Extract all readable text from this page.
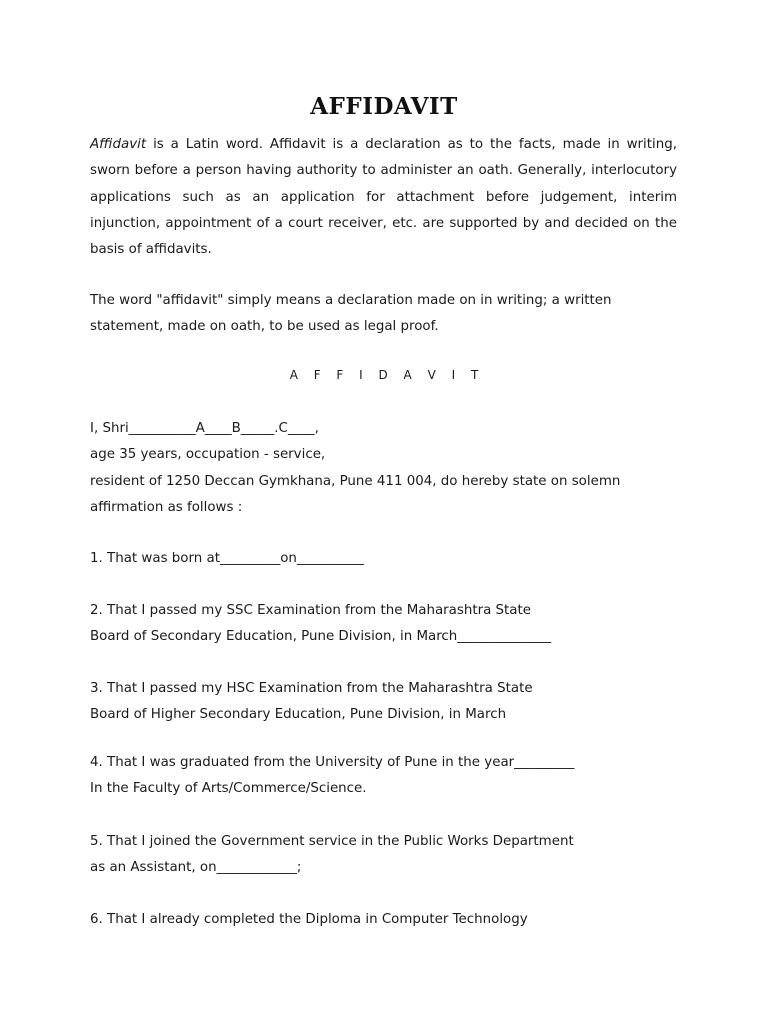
AFFIDAVIT

Affidavit is a Latin word. Affidavit is a declaration as to the facts, made in writing, sworn before a person having authority to administer an oath. Generally, interlocutory applications such as an application for attachment before judgement, interim injunction, appointment of a court receiver, etc. are supported by and decided on the basis of affidavits.

The word "affidavit" simply means a declaration made on in writing; a written
statement, made on oath, to be used as legal proof.

A F F I D A V I T

I, Shri__________A____B_____.C____,
age 35 years, occupation - service,
resident of 1250 Deccan Gymkhana, Pune 411 004, do hereby state on solemn
affirmation as follows :

1. That was born at_________on__________

2. That I passed my SSC Examination from the Maharashtra State
Board of Secondary Education, Pune Division, in March______________

3. That I passed my HSC Examination from the Maharashtra State
Board of Higher Secondary Education, Pune Division, in March

4. That I was graduated from the University of Pune in the year_________
In the Faculty of Arts/Commerce/Science.

5. That I joined the Government service in the Public Works Department
as an Assistant, on____________;

6. That I already completed the Diploma in Computer Technology
